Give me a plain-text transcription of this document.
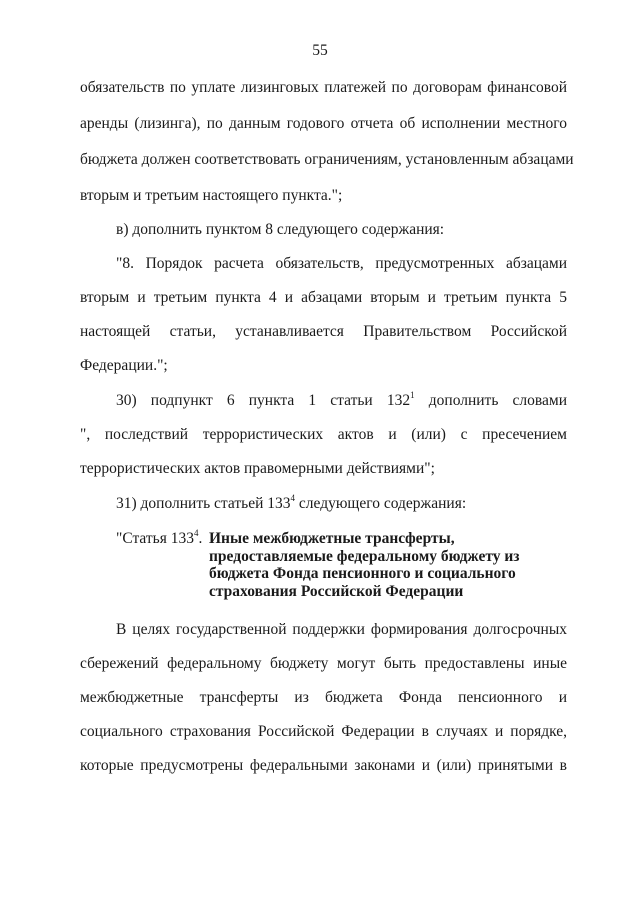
55
обязательств по уплате лизинговых платежей по договорам финансовой
аренды (лизинга), по данным годового отчета об исполнении местного
бюджета должен соответствовать ограничениям, установленным абзацами
вторым и третьим настоящего пункта.";
в) дополнить пунктом 8 следующего содержания:
"8. Порядок расчета обязательств, предусмотренных абзацами
вторым и третьим пункта 4 и абзацами вторым и третьим пункта 5
настоящей статьи, устанавливается Правительством Российской
Федерации.";
30) подпункт 6 пункта 1 статьи $132^1$ дополнить словами
", последствий террористических актов и (или) с пресечением
террористических актов правомерными действиями";
31) дополнить статьей $133^4$ следующего содержания:
"Статья $133^4$. Иные межбюджетные трансферты,
предоставляемые федеральному бюджету из
бюджета Фонда пенсионного и социального
страхования Российской Федерации
В целях государственной поддержки формирования долгосрочных
сбережений федеральному бюджету могут быть предоставлены иные
межбюджетные трансферты из бюджета Фонда пенсионного и
социального страхования Российской Федерации в случаях и порядке,
которые предусмотрены федеральными законами и (или) принятыми в
